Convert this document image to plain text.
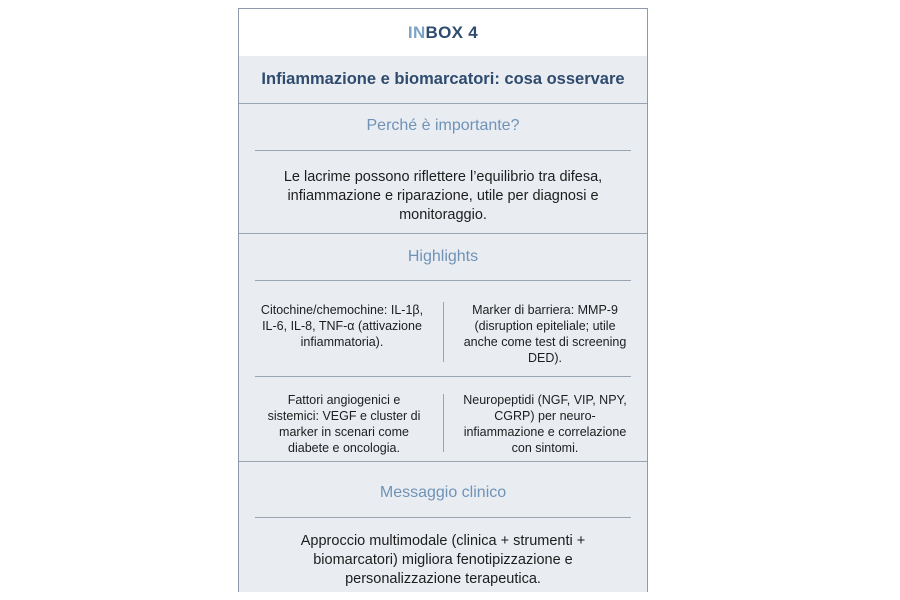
IN BOX 4
Infiammazione e biomarcatori: cosa osservare
Perché è importante?
Le lacrime possono riflettere l’equilibrio tra difesa, infiammazione e riparazione, utile per diagnosi e monitoraggio.
Highlights
Citochine/chemochine: IL-1β, IL-6, IL-8, TNF-α (attivazione infiammatoria).
Marker di barriera: MMP-9 (disruption epiteliale; utile anche come test di screening DED).
Fattori angiogenici e sistemici: VEGF e cluster di marker in scenari come diabete e oncologia.
Neuropeptidi (NGF, VIP, NPY, CGRP) per neuro-infiammazione e correlazione con sintomi.
Messaggio clinico
Approccio multimodale (clinica + strumenti + biomarcatori) migliora fenotipizzazione e personalizzazione terapeutica.
